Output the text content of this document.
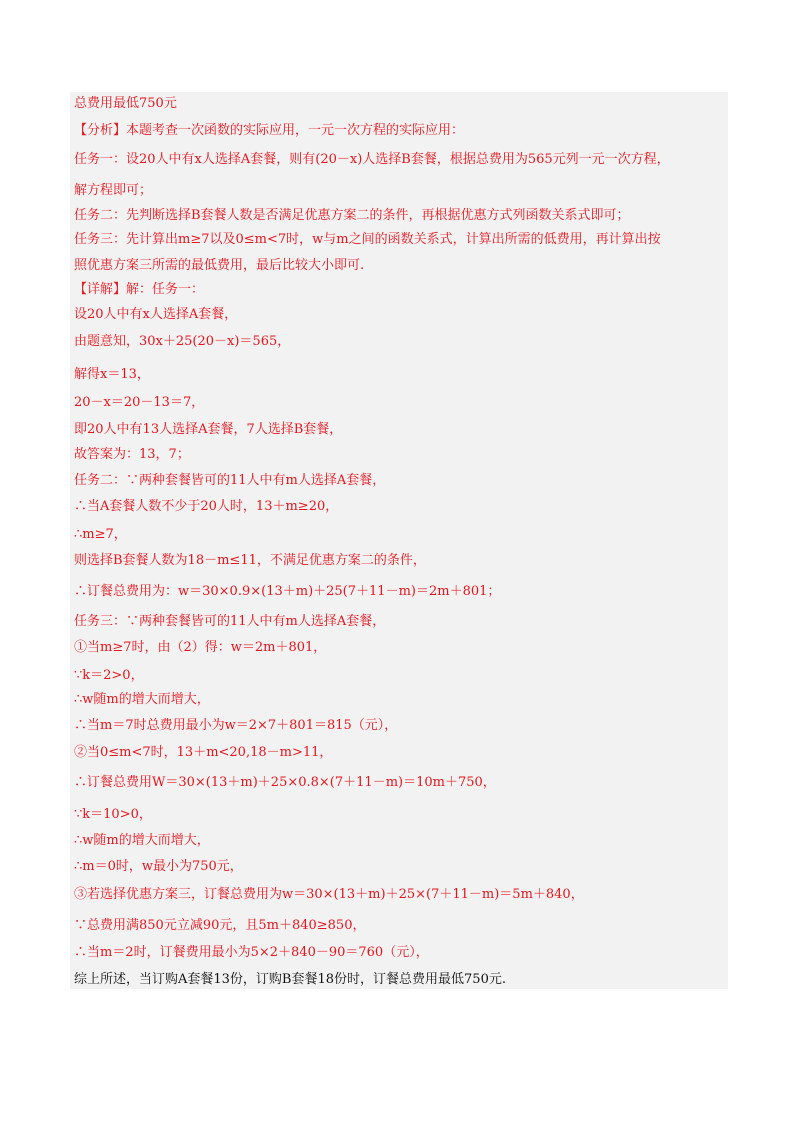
总费用最低750元
【分析】本题考查一次函数的实际应用，一元一次方程的实际应用：
任务一：设20人中有x人选择A套餐，则有(20－x)人选择B套餐，根据总费用为565元列一元一次方程，
解方程即可；
任务二：先判断选择B套餐人数是否满足优惠方案二的条件，再根据优惠方式列函数关系式即可；
任务三：先计算出m≥7以及0≤m<7时，w与m之间的函数关系式，计算出所需的低费用，再计算出按
照优惠方案三所需的最低费用，最后比较大小即可.
【详解】解：任务一：
设20人中有x人选择A套餐，
由题意知，30x＋25(20－x)＝565，
解得x＝13，
20－x＝20－13＝7，
即20人中有13人选择A套餐，7人选择B套餐，
故答案为：13，7；
任务二：∵两种套餐皆可的11人中有m人选择A套餐，
∴当A套餐人数不少于20人时，13＋m≥20，
∴m≥7，
则选择B套餐人数为18－m≤11，不满足优惠方案二的条件，
∴订餐总费用为：w＝30×0.9×(13＋m)＋25(7＋11－m)＝2m＋801；
任务三：∵两种套餐皆可的11人中有m人选择A套餐，
①当m≥7时，由（2）得：w＝2m＋801，
∵k＝2>0，
∴w随m的增大而增大，
∴当m＝7时总费用最小为w＝2×7＋801＝815（元），
②当0≤m<7时，13＋m<20,18－m>11，
∴订餐总费用W＝30×(13＋m)＋25×0.8×(7＋11－m)＝10m＋750，
∵k＝10>0，
∴w随m的增大而增大，
∴m＝0时，w最小为750元，
③若选择优惠方案三，订餐总费用为w＝30×(13＋m)＋25×(7＋11－m)＝5m＋840，
∵总费用满850元立减90元，且5m＋840≥850，
∴当m＝2时，订餐费用最小为5×2＋840－90＝760（元），
综上所述，当订购A套餐13份，订购B套餐18份时，订餐总费用最低750元.
